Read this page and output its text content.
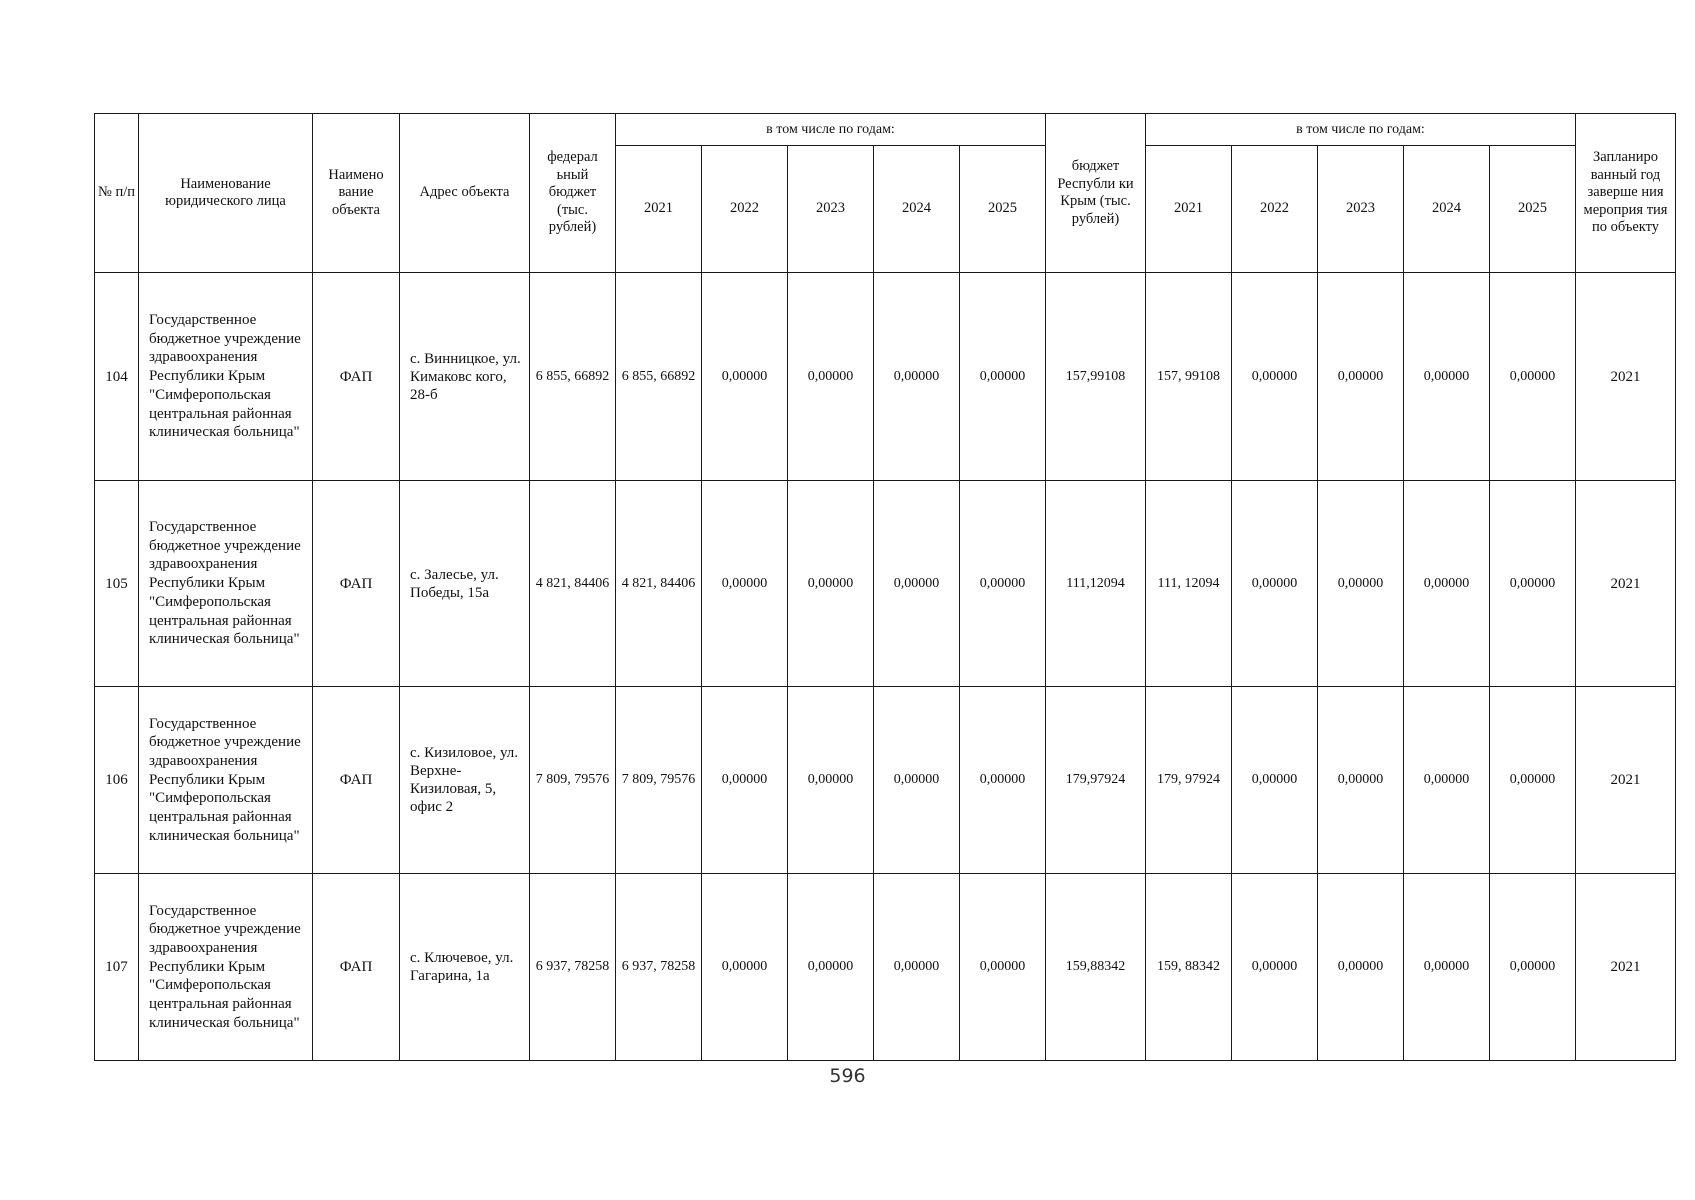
№ п/п	Наименование юридического лица	Наимено вание объекта	Адрес объекта	федерал ьный бюджет (тыс. рублей)	в том числе по годам:					бюджет Республи ки Крым (тыс. рублей)	в том числе по годам:					Запланиро ванный год заверше ния мероприя тия по объекту
					2021	2022	2023	2024	2025		2021	2022	2023	2024	2025	
104	Государственное бюджетное учреждение здравоохранения Республики Крым "Симферопольская центральная районная клиническая больница"	ФАП	с. Винницкое, ул. Кимаковс кого, 28-б	6 855, 66892	6 855, 66892	0,00000	0,00000	0,00000	0,00000	157,99108	157, 99108	0,00000	0,00000	0,00000	0,00000	2021
105	Государственное бюджетное учреждение здравоохранения Республики Крым "Симферопольская центральная районная клиническая больница"	ФАП	с. Залесье, ул. Победы, 15а	4 821, 84406	4 821, 84406	0,00000	0,00000	0,00000	0,00000	111,12094	111, 12094	0,00000	0,00000	0,00000	0,00000	2021
106	Государственное бюджетное учреждение здравоохранения Республики Крым "Симферопольская центральная районная клиническая больница"	ФАП	с. Кизиловое, ул. Верхне-Кизиловая, 5, офис 2	7 809, 79576	7 809, 79576	0,00000	0,00000	0,00000	0,00000	179,97924	179, 97924	0,00000	0,00000	0,00000	0,00000	2021
107	Государственное бюджетное учреждение здравоохранения Республики Крым "Симферопольская центральная районная клиническая больница"	ФАП	с. Ключевое, ул. Гагарина, 1а	6 937, 78258	6 937, 78258	0,00000	0,00000	0,00000	0,00000	159,88342	159, 88342	0,00000	0,00000	0,00000	0,00000	2021
596
